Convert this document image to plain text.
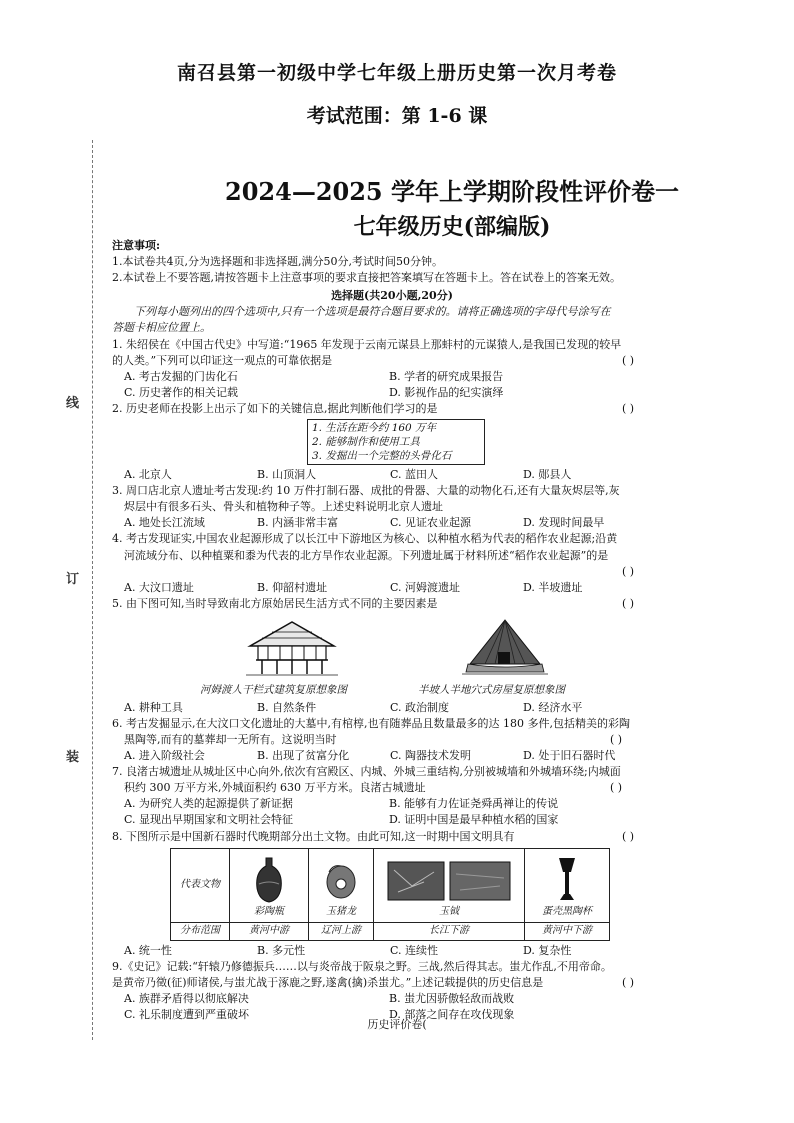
南召县第一初级中学七年级上册历史第一次月考卷
考试范围：第 1-6 课
线
订
装
2024—2025 学年上学期阶段性评价卷一
七年级历史(部编版)

注意事项:

1.本试卷共4页,分为选择题和非选择题,满分50分,考试时间50分钟。

2.本试卷上不要答题,请按答题卡上注意事项的要求直接把答案填写在答题卡上。答在试卷上的答案无效。

选择题(共20小题,20分)

下列每小题列出的四个选项中,只有一个选项是最符合题目要求的。请将正确选项的字母代号涂写在

答题卡相应位置上。

1. 朱绍侯在《中国古代史》中写道:“1965 年发现于云南元谋县上那蚌村的元谋猿人,是我国已发现的较早

的人类。”下列可以印证这一观点的可靠依据是	( )

A. 考古发掘的门齿化石	B. 学者的研究成果报告

C. 历史著作的相关记载	D. 影视作品的纪实演绎

2. 历史老师在投影上出示了如下的关键信息,据此判断他们学习的是	( )

1. 生活在距今约 160 万年
2. 能够制作和使用工具
3. 发掘出一个完整的头骨化石

A. 北京人	B. 山顶洞人	C. 蓝田人	D. 郧县人

3. 周口店北京人遗址考古发现:约 10 万件打制石器、成批的骨器、大量的动物化石,还有大量灰烬层等,灰

烬层中有很多石头、骨头和植物种子等。上述史料说明北京人遗址

A. 地处长江流域	B. 内涵非常丰富	C. 见证农业起源	D. 发现时间最早

4. 考古发现证实,中国农业起源形成了以长江中下游地区为核心、以种植水稻为代表的稻作农业起源;沿黄

河流域分布、以种植粟和黍为代表的北方旱作农业起源。下列遗址属于材料所述“稻作农业起源”的是

( )

A. 大汶口遗址	B. 仰韶村遗址	C. 河姆渡遗址	D. 半坡遗址

5. 由下图可知,当时导致南北方原始居民生活方式不同的主要因素是	( )

河姆渡人干栏式建筑复原想象图	半坡人半地穴式房屋复原想象图

A. 耕种工具	B. 自然条件	C. 政治制度	D. 经济水平

6. 考古发掘显示,在大汶口文化遗址的大墓中,有棺椁,也有随葬品且数量最多的达 180 多件,包括精美的彩陶

黑陶等,而有的墓葬却一无所有。这说明当时	( )

A. 进入阶级社会	B. 出现了贫富分化	C. 陶器技术发明	D. 处于旧石器时代

7. 良渚古城遗址从城址区中心向外,依次有宫殿区、内城、外城三重结构,分别被城墙和外城墙环绕;内城面

积约 300 万平方米,外城面积约 630 万平方米。良渚古城遗址	( )

A. 为研究人类的起源提供了新证据	B. 能够有力佐证尧舜禹禅让的传说

C. 显现出早期国家和文明社会特征	D. 证明中国是最早种植水稻的国家

8. 下图所示是中国新石器时代晚期部分出土文物。由此可知,这一时期中国文明具有	( )

代表文物	彩陶瓶	玉猪龙	玉钺	蛋壳黑陶杯

分布范围	黄河中游	辽河上游	长江下游	黄河中下游

A. 统一性	B. 多元性	C. 连续性	D. 复杂性

9.《史记》记载:“轩辕乃修德振兵……以与炎帝战于阪泉之野。三战,然后得其志。蚩尤作乱,不用帝命。

是黄帝乃徵(征)师诸侯,与蚩尤战于涿鹿之野,遂禽(擒)杀蚩尤。”上述记载提供的历史信息是	( )

A. 族群矛盾得以彻底解决	B. 蚩尤因骄傲轻敌而战败

C. 礼乐制度遭到严重破坏	D. 部落之间存在攻伐现象

历史评价卷(
